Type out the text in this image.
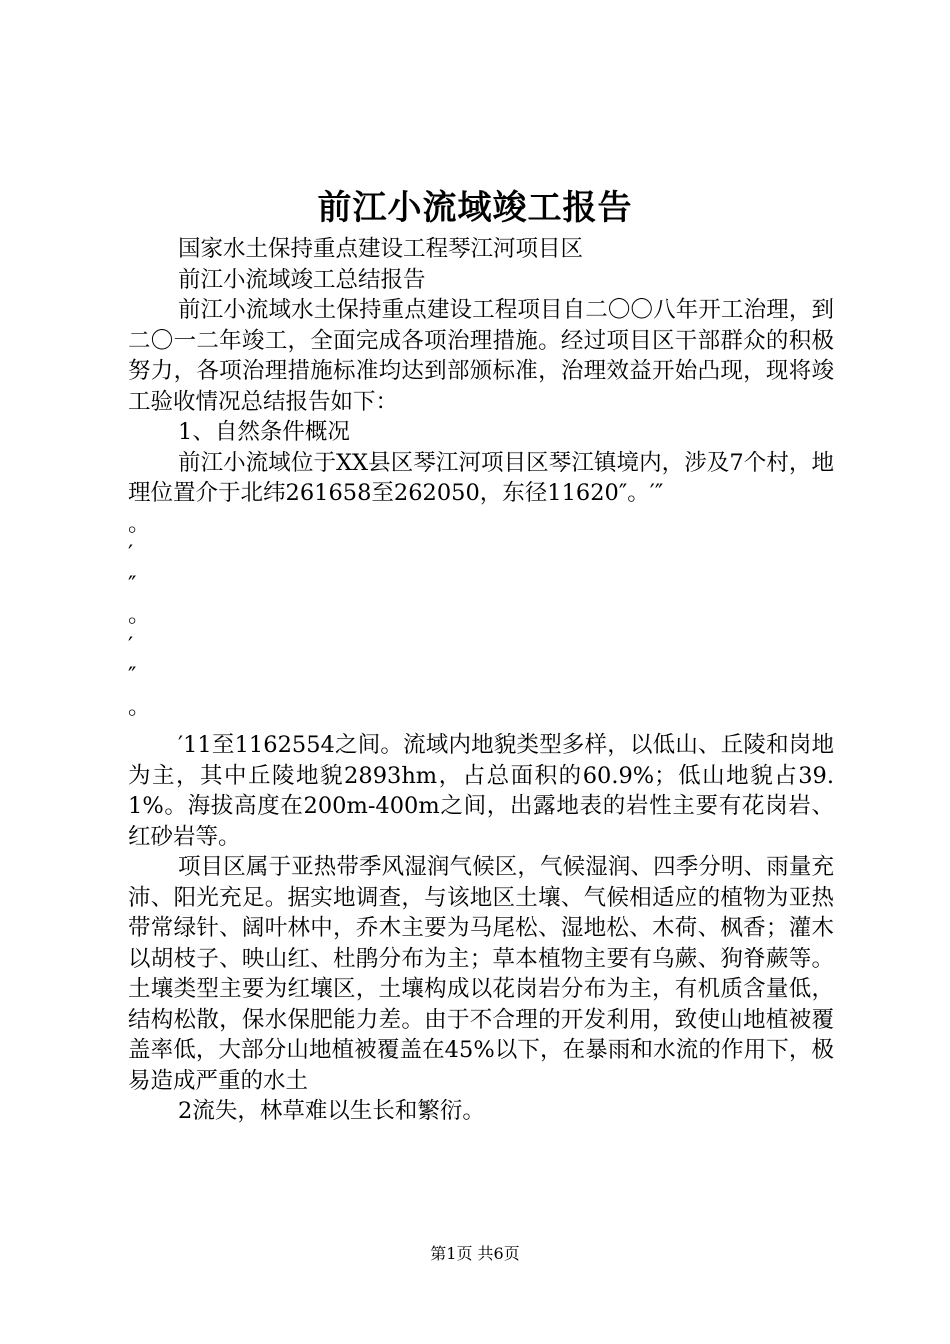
前江小流域竣工报告

国家水土保持重点建设工程琴江河项目区

前江小流域竣工总结报告

前江小流域水土保持重点建设工程项目自二〇〇八年开工治理，到二〇一二年竣工，全面完成各项治理措施。经过项目区干部群众的积极努力，各项治理措施标准均达到部颁标准，治理效益开始凸现，现将竣工验收情况总结报告如下：

1、自然条件概况

前江小流域位于XX县区琴江河项目区琴江镇境内，涉及7个村，地理位置介于北纬261658至262050，东径11620″。′″

。

′

″

。

′

″

。

′11至1162554之间。流域内地貌类型多样，以低山、丘陵和岗地为主，其中丘陵地貌2893hm，占总面积的60.9%；低山地貌占39.1%。海拔高度在200m-400m之间，出露地表的岩性主要有花岗岩、红砂岩等。

项目区属于亚热带季风湿润气候区，气候湿润、四季分明、雨量充沛、阳光充足。据实地调查，与该地区土壤、气候相适应的植物为亚热带常绿针、阔叶林中，乔木主要为马尾松、湿地松、木荷、枫香；灌木以胡枝子、映山红、杜鹃分布为主；草本植物主要有乌蕨、狗脊蕨等。土壤类型主要为红壤区，土壤构成以花岗岩分布为主，有机质含量低，结构松散，保水保肥能力差。由于不合理的开发利用，致使山地植被覆盖率低，大部分山地植被覆盖在45%以下，在暴雨和水流的作用下，极易造成严重的水土

2流失，林草难以生长和繁衍。

第1页 共6页
